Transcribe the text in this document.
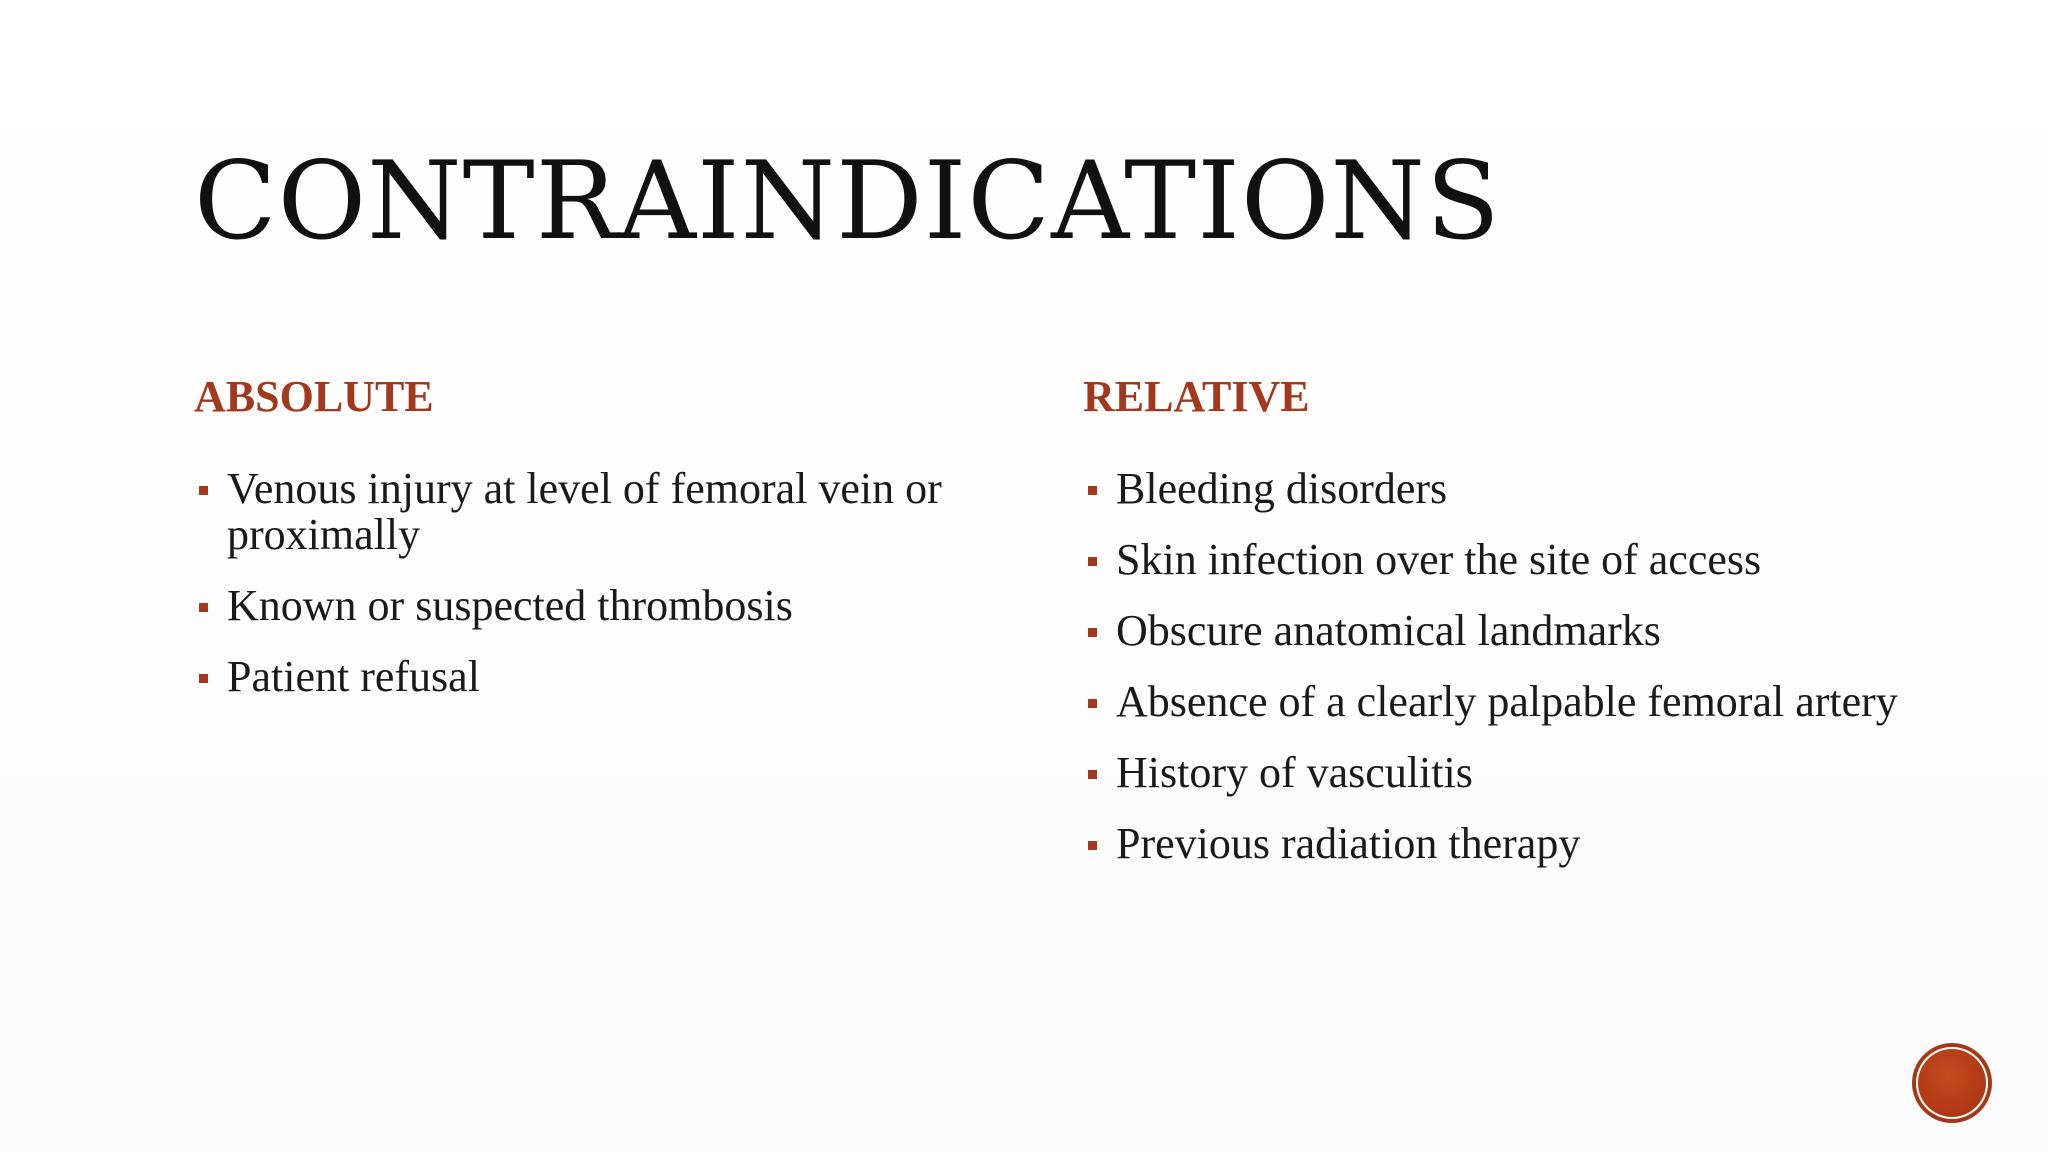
CONTRAINDICATIONS
ABSOLUTE
Venous injury at level of femoral vein or proximally
Known or suspected thrombosis
Patient refusal
RELATIVE
Bleeding disorders
Skin infection over the site of access
Obscure anatomical landmarks
Absence of a clearly palpable femoral artery
History of vasculitis
Previous radiation therapy
